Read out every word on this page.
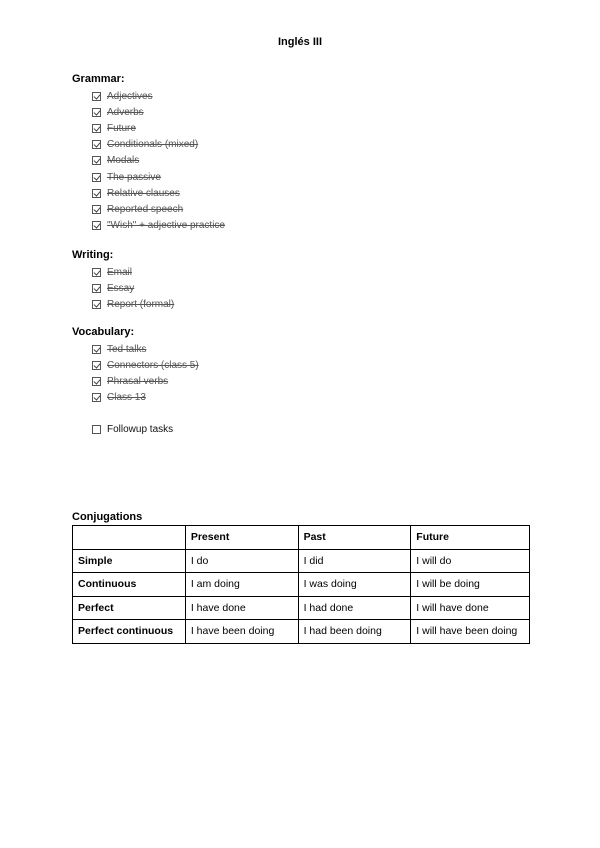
Inglés III
Grammar:
Adjectives
Adverbs
Future
Conditionals (mixed)
Modals
The passive
Relative clauses
Reported speech
"Wish" + adjective practice
Writing:
Email
Essay
Report (formal)
Vocabulary:
Ted talks
Connectors (class 5)
Phrasal verbs
Class 13
Followup tasks
Conjugations
	Present	Past	Future
Simple	I do	I did	I will do
Continuous	I am doing	I was doing	I will be doing
Perfect	I have done	I had done	I will have done
Perfect continuous	I have been doing	I had been doing	I will have been doing
